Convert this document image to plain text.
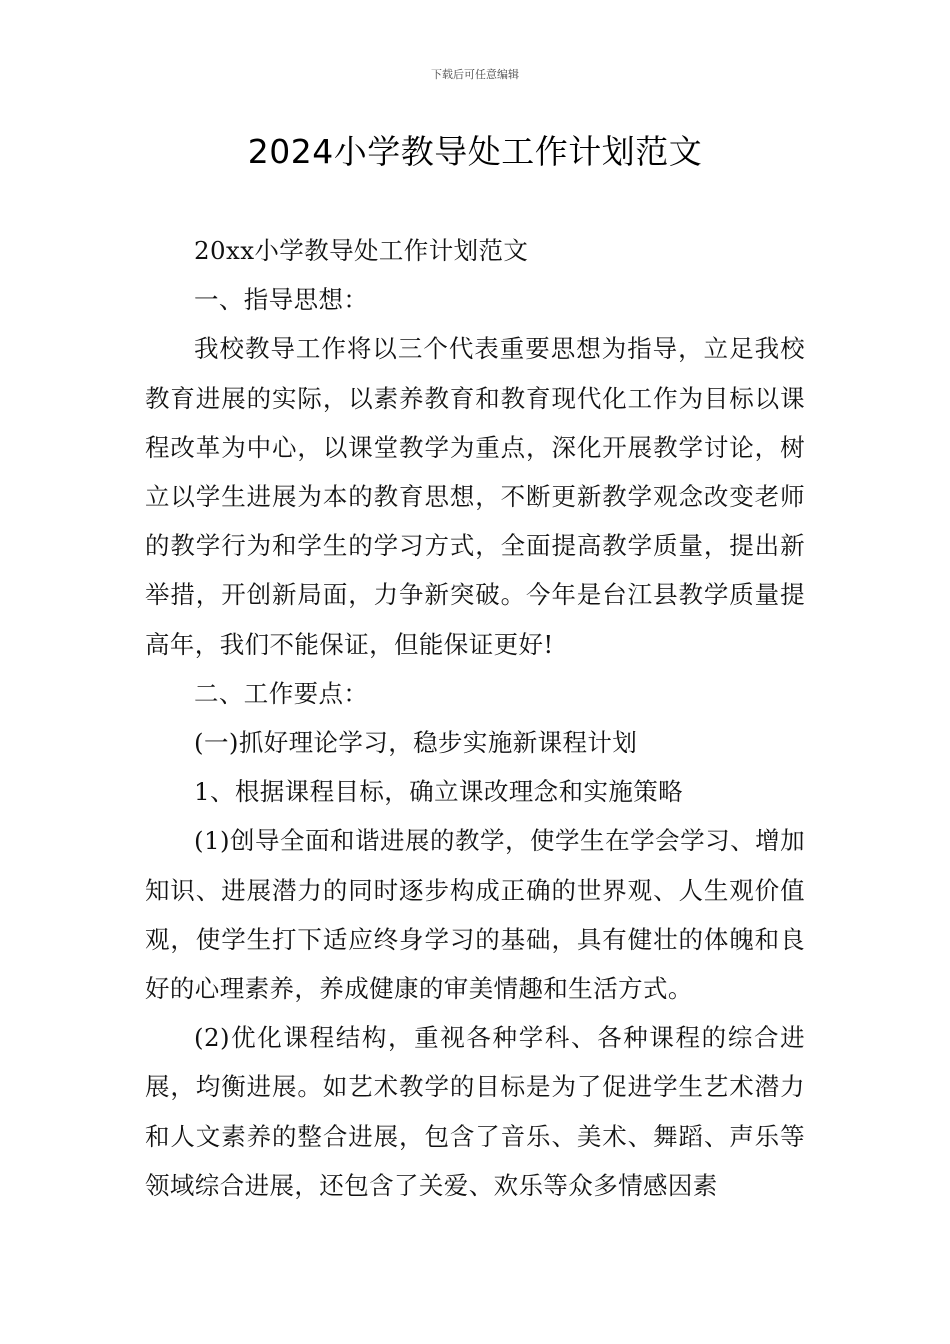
下载后可任意编辑
2024小学教导处工作计划范文

20xx小学教导处工作计划范文

一、指导思想：

我校教导工作将以三个代表重要思想为指导，立足我校教育进展的实际，以素养教育和教育现代化工作为目标以课程改革为中心，以课堂教学为重点，深化开展教学讨论，树立以学生进展为本的教育思想，不断更新教学观念改变老师的教学行为和学生的学习方式，全面提高教学质量，提出新举措，开创新局面，力争新突破。今年是台江县教学质量提高年，我们不能保证，但能保证更好!

二、工作要点：

(一)抓好理论学习，稳步实施新课程计划

1、根据课程目标，确立课改理念和实施策略

(1)创导全面和谐进展的教学，使学生在学会学习、增加知识、进展潜力的同时逐步构成正确的世界观、人生观价值观，使学生打下适应终身学习的基础，具有健壮的体魄和良好的心理素养，养成健康的审美情趣和生活方式。

(2)优化课程结构，重视各种学科、各种课程的综合进展，均衡进展。如艺术教学的目标是为了促进学生艺术潜力和人文素养的整合进展，包含了音乐、美术、舞蹈、声乐等领域综合进展，还包含了关爱、欢乐等众多情感因素
